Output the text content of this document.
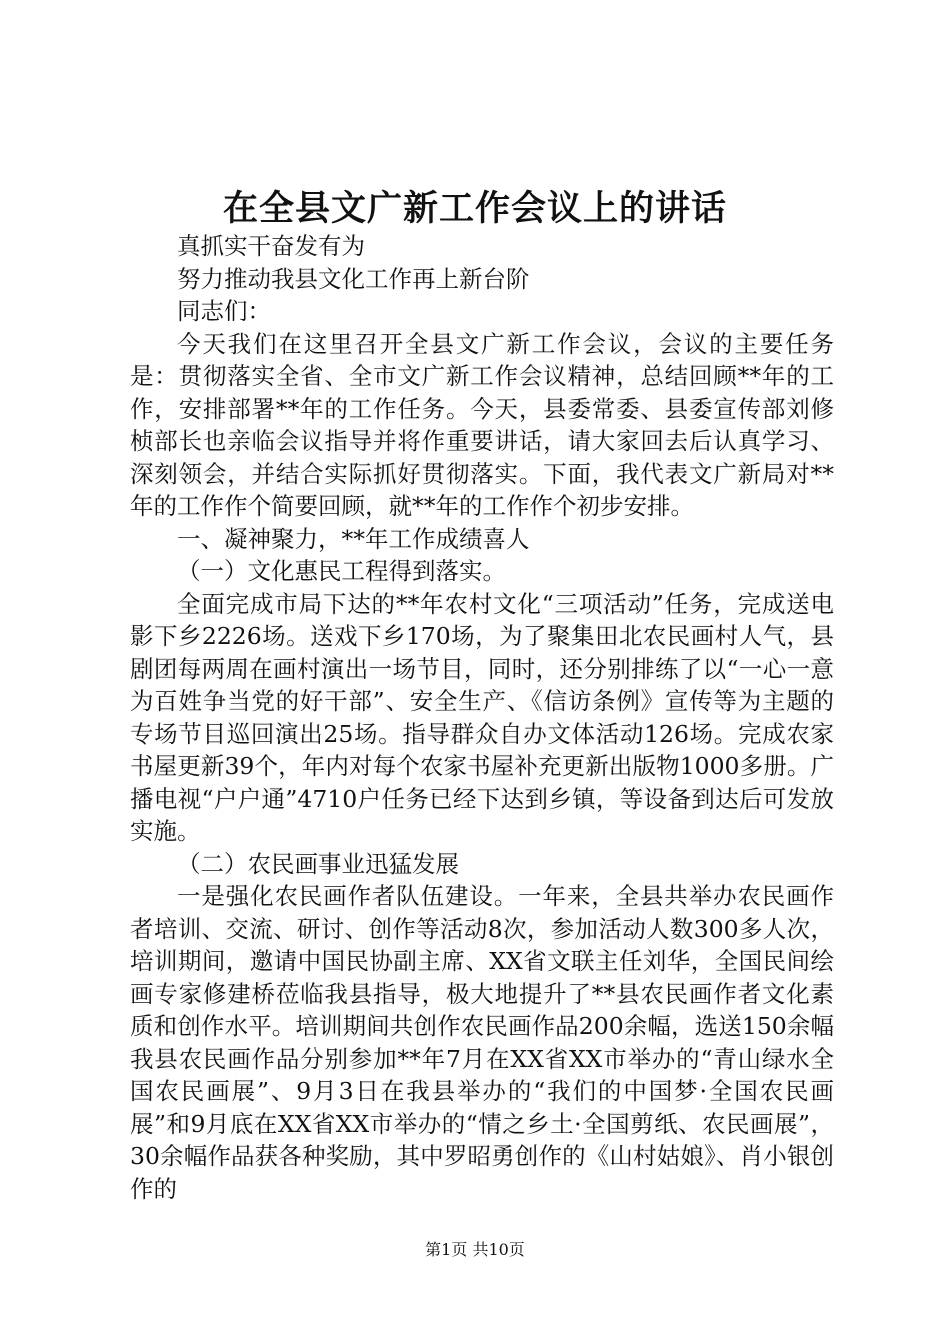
在全县文广新工作会议上的讲话

真抓实干奋发有为

努力推动我县文化工作再上新台阶

同志们：

今天我们在这里召开全县文广新工作会议，会议的主要任务是：贯彻落实全省、全市文广新工作会议精神，总结回顾**年的工作，安排部署**年的工作任务。今天，县委常委、县委宣传部刘修桢部长也亲临会议指导并将作重要讲话，请大家回去后认真学习、深刻领会，并结合实际抓好贯彻落实。下面，我代表文广新局对**年的工作作个简要回顾，就**年的工作作个初步安排。

一、凝神聚力，**年工作成绩喜人

（一）文化惠民工程得到落实。

全面完成市局下达的**年农村文化“三项活动”任务，完成送电影下乡2226场。送戏下乡170场，为了聚集田北农民画村人气，县剧团每两周在画村演出一场节目，同时，还分别排练了以“一心一意为百姓争当党的好干部”、安全生产、《信访条例》宣传等为主题的专场节目巡回演出25场。指导群众自办文体活动126场。完成农家书屋更新39个，年内对每个农家书屋补充更新出版物1000多册。广播电视“户户通”4710户任务已经下达到乡镇，等设备到达后可发放实施。

（二）农民画事业迅猛发展

一是强化农民画作者队伍建设。一年来，全县共举办农民画作者培训、交流、研讨、创作等活动8次，参加活动人数300多人次，培训期间，邀请中国民协副主席、XX省文联主任刘华，全国民间绘画专家修建桥莅临我县指导，极大地提升了**县农民画作者文化素质和创作水平。培训期间共创作农民画作品200余幅，选送150余幅我县农民画作品分别参加**年7月在XX省XX市举办的“青山绿水全国农民画展”、9月3日在我县举办的“我们的中国梦·全国农民画展”和9月底在XX省XX市举办的“情之乡土·全国剪纸、农民画展”，30余幅作品获各种奖励，其中罗昭勇创作的《山村姑娘》、肖小银创作的

第1页 共10页
